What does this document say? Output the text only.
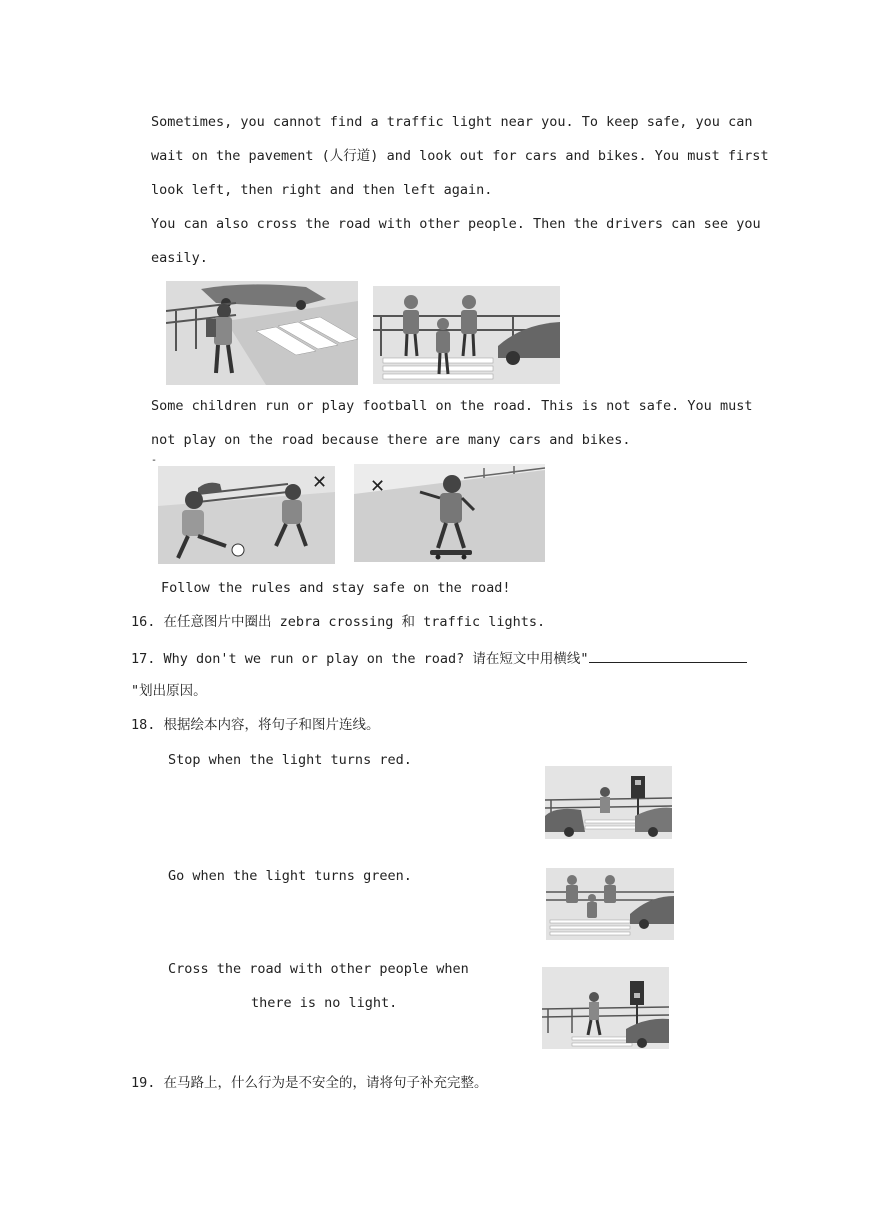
Sometimes, you cannot find a traffic light near you. To keep safe, you can
wait on the pavement (人行道) and look out for cars and bikes. You must first
look left, then right and then left again.
You can also cross the road with other people. Then the drivers can see you
easily.
Some children run or play football on the road. This is not safe. You must
not play on the road because there are many cars and bikes.
-
✕ ✕
Follow the rules and stay safe on the road!
16. 在任意图片中圈出 zebra crossing 和 traffic lights.
17. Why don't we run or play on the road? 请在短文中用横线"
"划出原因。
18. 根据绘本内容，将句子和图片连线。
Stop when the light turns red.
Go when the light turns green.
Cross the road with other people when
there is no light.
19. 在马路上，什么行为是不安全的，请将句子补充完整。
